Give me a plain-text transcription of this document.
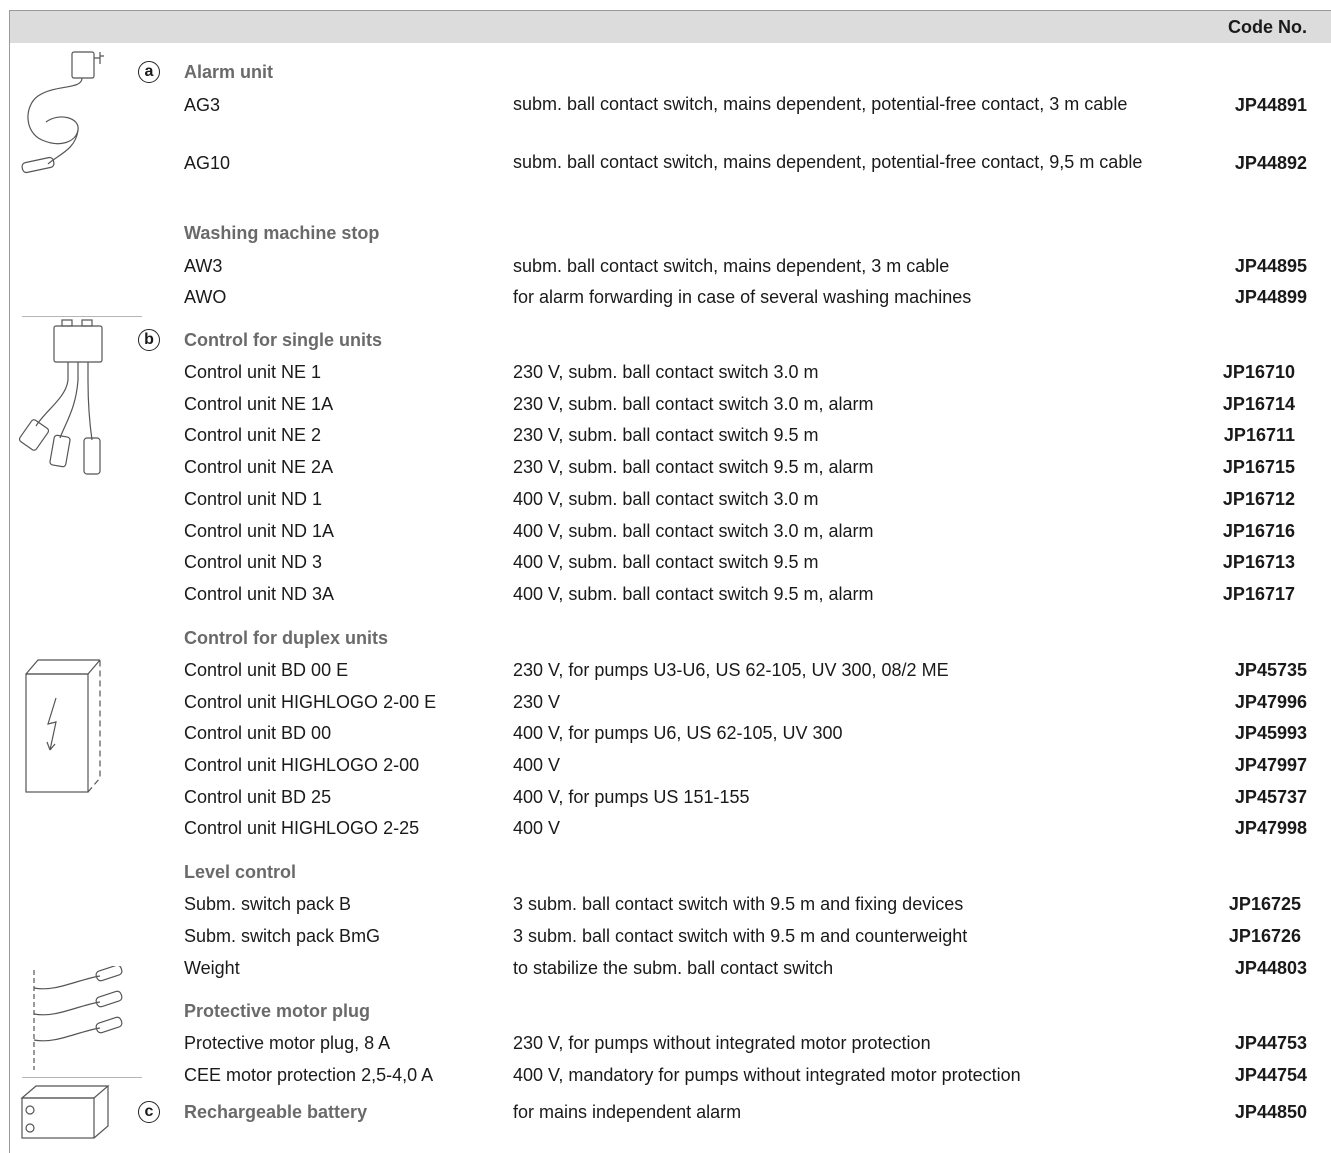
Code No.
a	Alarm unit
AG3	subm. ball contact switch, mains dependent, potential-free contact, 3 m cable	JP44891
AG10	subm. ball contact switch, mains dependent, potential-free contact, 9,5 m cable	JP44892
Washing machine stop
AW3	subm. ball contact switch, mains dependent, 3 m cable	JP44895
AWO	for alarm forwarding in case of several washing machines	JP44899
b	Control for single units
Control unit NE 1	230 V, subm. ball contact switch 3.0 m	JP16710
Control unit NE 1A	230 V, subm. ball contact switch 3.0 m, alarm	JP16714
Control unit NE 2	230 V, subm. ball contact switch 9.5 m	JP16711
Control unit NE 2A	230 V, subm. ball contact switch 9.5 m, alarm	JP16715
Control unit ND 1	400 V, subm. ball contact switch 3.0 m	JP16712
Control unit ND 1A	400 V, subm. ball contact switch 3.0 m, alarm	JP16716
Control unit ND 3	400 V, subm. ball contact switch 9.5 m	JP16713
Control unit ND 3A	400 V, subm. ball contact switch 9.5 m, alarm	JP16717
Control for duplex units
Control unit BD 00 E	230 V, for pumps U3-U6, US 62-105, UV 300, 08/2 ME	JP45735
Control unit HIGHLOGO 2-00 E	230 V	JP47996
Control unit BD 00	400 V, for pumps U6, US 62-105, UV 300	JP45993
Control unit HIGHLOGO 2-00	400 V	JP47997
Control unit BD 25	400 V, for pumps US 151-155	JP45737
Control unit HIGHLOGO 2-25	400 V	JP47998
Level control
Subm. switch pack B	3 subm. ball contact switch with 9.5 m and fixing devices	JP16725
Subm. switch pack BmG	3 subm. ball contact switch with 9.5 m and counterweight	JP16726
Weight	to stabilize the subm. ball contact switch	JP44803
Protective motor plug
Protective motor plug, 8 A	230 V, for pumps without integrated motor protection	JP44753
CEE motor protection 2,5-4,0 A	400 V, mandatory for pumps without integrated motor protection	JP44754
c	Rechargeable battery	for mains independent alarm	JP44850
